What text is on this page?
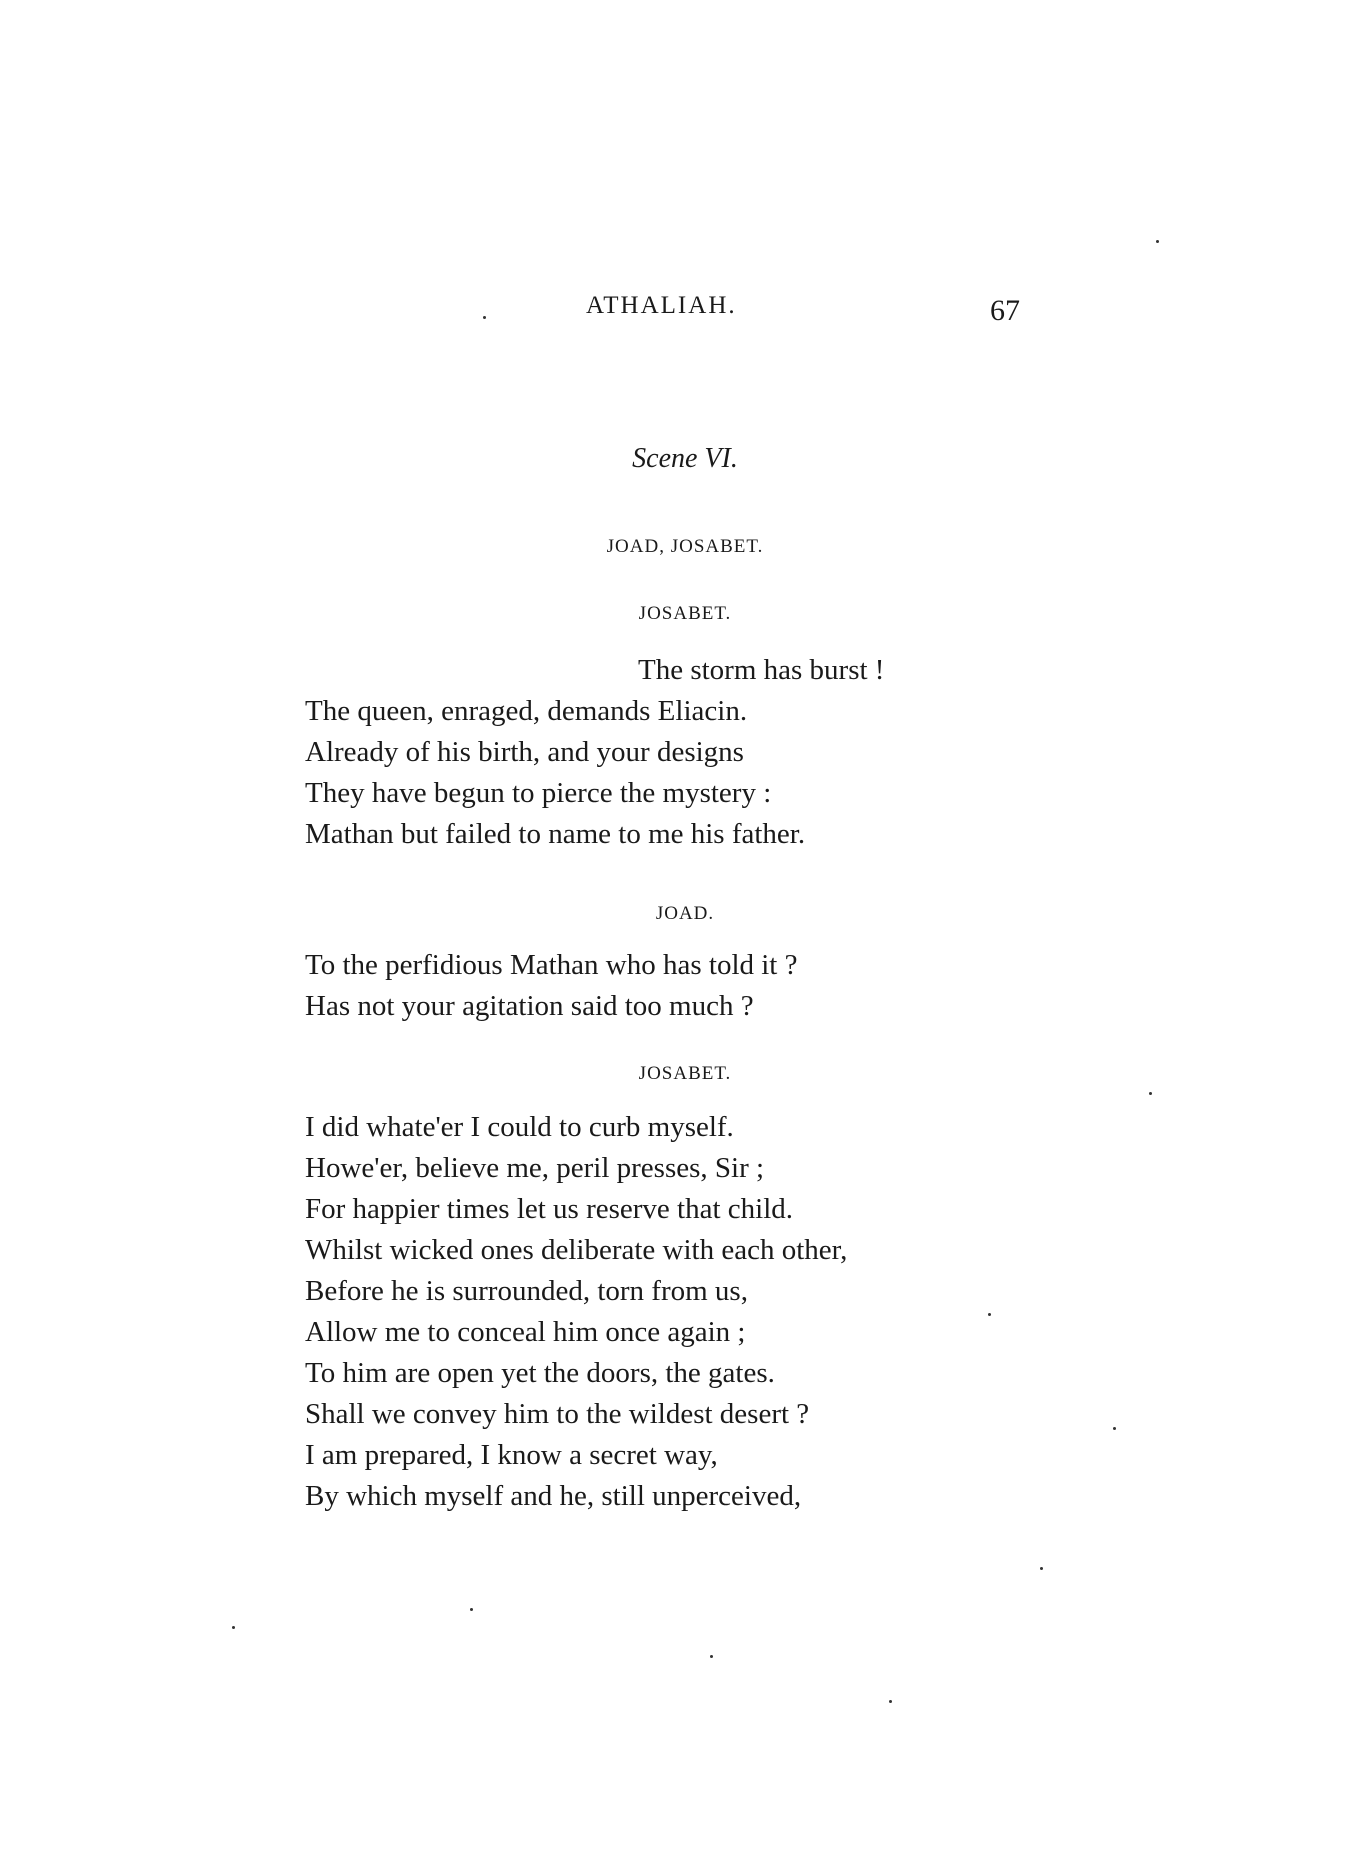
ATHALIAH.	67
Scene VI.
JOAD, JOSABET.
JOSABET.
The storm has burst !
The queen, enraged, demands Eliacin.
Already of his birth, and your designs
They have begun to pierce the mystery :
Mathan but failed to name to me his father.
JOAD.
To the perfidious Mathan who has told it ?
Has not your agitation said too much ?
JOSABET.
I did whate'er I could to curb myself.
Howe'er, believe me, peril presses, Sir ;
For happier times let us reserve that child.
Whilst wicked ones deliberate with each other,
Before he is surrounded, torn from us,
Allow me to conceal him once again ;
To him are open yet the doors, the gates.
Shall we convey him to the wildest desert ?
I am prepared, I know a secret way,
By which myself and he, still unperceived,
